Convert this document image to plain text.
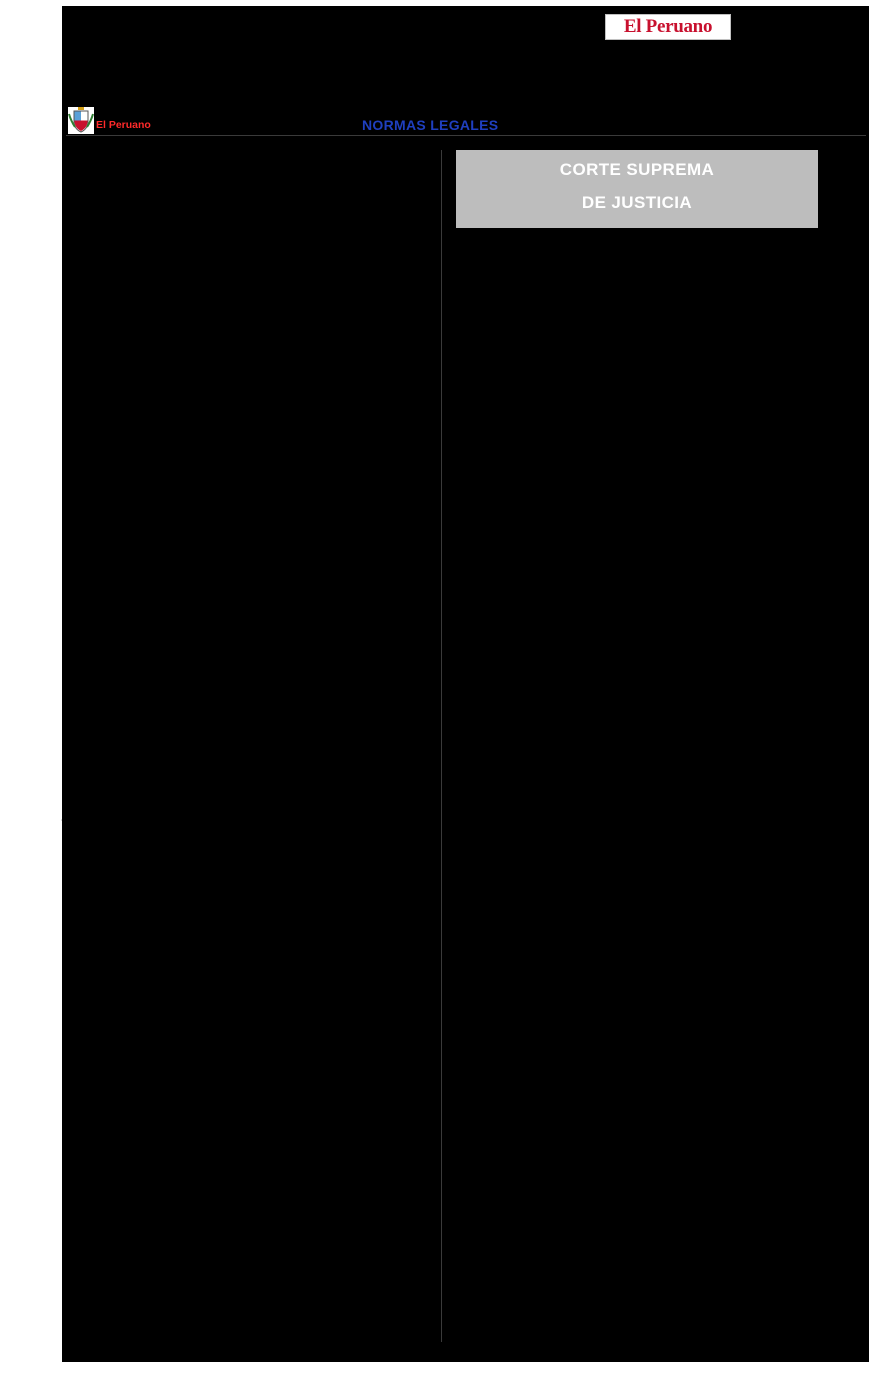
El Peruano
El Peruano / Jueves 7 de octubre de 2021	NORMAS LEGALES	45

hasta el último día hábil de la primera semana de cada mes, le informen documentadamente la resolución de vista que declara nula la resolución apelada, dicha resolución apelada y los escritos de apelación de la resolución impugnada.

d) En atención a lo dispuesto mediante la resolución de fecha 8 de febrero de 2019, indicada en el segundo considerando de la presente resolución, solo siete de las treinta y cuatro Oficinas Desconcentradas de Control de la Magistratura de las Cortes Superiores de Justicia del país, cumplieron con remitir el informe correspondiente al mes de julio de 2021, de acuerdo a lo dispuesto.

e) De los siete informes recibidos, se han reportado ciento cincuenta y uno expedientes evaluados por haber sido resueltos mediante anulación de la resolución impugnada, y según detalle que consta en el Anexo 1 del referido informe.

f) De los setenta y cinco expedientes reportados por la Corte Superior de Justicia de Lambayeque, veintiocho de ellos han sido calificados como no justificados; de los cuales, por instancia corresponden quince a procesos resueltos en salas superiores y trece a resueltos en juzgados; y por especialidad corresponden trece a procesos de la especialidad laboral, que representan el 46% de los veintiocho expedientes observados, según detalle que consta en el Anexo 2 del referido informe.

Quinto. Que, el artículo 82°, inciso 26), del Texto Único Ordenado de la Ley Orgánica del Poder Judicial determina como función y atribución del Consejo Ejecutivo del Poder Judicial, la adopción de acuerdos y demás medidas necesarias para que las dependencias de este Poder del Estado funcionen con celeridad y eficiencia.

Por estos fundamentos; en mérito al Acuerdo N° 1234-2021 de la quincuagésima sexta sesión del Consejo Ejecutivo del Poder Judicial, de fecha 22 de setiembre de 2021, realizada en forma virtual con la participación de los señores y señoras Barrios Alvarado, Lama More, Arias Lazarte, Álvarez Trujillo, Medina Jiménez y Espinoza Santillán; en uso de las atribuciones conferidas por el artículo 82° del Texto Único Ordenado de la Ley Orgánica del Poder Judicial. Por unanimidad,

SE RESUELVE:

Artículo Primero.- Disponer que la Oficina Desconcentrada de Control de la Magistratura de la Corte Superior de Justicia de Lambayeque, programe una acción de control en los órganos jurisdiccionales listados en el Anexo 2, que forma parte de la presente resolución; debiendo informar al Consejo Ejecutivo del Poder Judicial sobre el resultado de dichas acciones de control.

Artículo Segundo.- Disponer que las veintisiete Oficinas Desconcentradas de Control de la Magistratura de las Cortes Superiores de Justicia, que no han remitido la información requerida, deben cumplir con la remisión mensual de los recursos de apelación que han sido resueltos mediante anulación y el reenvío del expediente, de acuerdo a lo establecido mediante la resolución de fecha 8 de febrero de 2019; debiendo de informar obligatoriamente y de manera mensual al Presidente de la Comisión Nacional de Productividad Judicial, con copia a la Oficina de Productividad Judicial, de acuerdo al formato establecido.

Artículo Tercero.- Transcribir la presente resolución a la Presidencia del Poder Judicial, Oficina de Control de la Magistratura del Poder Judicial, Presidente de la Comisión Nacional de Productividad, Oficina de Productividad Judicial, Cortes Superiores de Justicia del país, Oficinas Desconcentradas de Control de la Magistratura de las Cortes Superiores de Justicia del país; y a la Gerencia General del Poder Judicial, para su conocimiento y fines pertinentes.

Regístrese, publíquese, comuníquese y cúmplase.

ELVIA BARRIOS ALVARADO

Presidenta

1999067-5

CORTE SUPREMA
DE JUSTICIA

Conforman la Quinta Sala de Derecho Constitucional y Social Transitoria de la Corte Suprema de Justicia de la República

PRESIDENCIA DEL PODER JUDICIAL

RESOLUCIÓN ADMINISTRATIVA

N° 000454-2021-P-PJ

Lima, 6 de octubre de 2021

VISTA y CONSIDERANDO:

Primero: Que, el Consejo Ejecutivo del Poder Judicial, mediante la Resolución Administrativa N.° 000220-2021-CE-PJ, modificada por la Resolución Administrativa N.° 000232-2021-CE-PJ, dispuso crear la Quinta Sala de Derecho Constitucional y Social Transitoria de la Corte Suprema de Justicia de la República, la cual tendrá competencia en procesos contenciosos administrativos referidos a materias tributarias y aduaneras.

Segundo : Que, es atribución de la Presidencia del Poder Judicial designar a los señores jueces supremos que integrarán las Salas Especializadas de la Corte Suprema de Justicia de la República, de conformidad con lo señalado en el numeral 5 del artículo 76° del Texto Único Ordenado de la Ley Orgánica del Poder Judicial.

Tercero: Que, en atención a la disposición emitida por el órgano de gobierno de este Poder del Estado, corresponde a esta Presidencia designar a los magistrados que integrarán la Quinta Sala de Derecho Constitucional y Social Transitoria de la Corte Suprema de Justicia de la República.

En consecuencia, estando a lo expuesto precedentemente y en uso de las funciones y atribuciones conferidas por el artículo 76° del Texto Único Ordenado de la Ley Orgánica del Poder Judicial.

SE RESUELVE

Artículo Primero: Disponer que, a partir del 7 de octubre de 2021, la Quinta Sala de Derecho Constitucional y Social Transitoria de la Corte Suprema de Justicia de la República, estará conformada de la siguiente manera:

QUINTA SALA DE DERECHO CONSTITUCIONAL Y SOCIAL TRANSITORIA

1. Sra. María del Carmen Paloma Altabás Kajatt (Presidenta)

2. Sr. Wilbert González Aguilar
3. Sr. Wilber Bustamante del Castillo
4. Sra. Dafne Dana Barra Pineda
5. Sra. Rosa Liliana Dávila Broncano

Artículo Segundo: Notificar la presente resolución al Consejo Ejecutivo del Poder Judicial; a la Oficina de Control de la Magistratura del Poder Judicial; a los Presidentes de las Cortes Superiores de Justicia de Lima Este, Cusco y Moquegua; a la Gerencia General del Poder Judicial; a la Oficina de Administración de la Corte Suprema de Justicia; e interesados.

Regístrese, comuníquese, cúmplase y publíquese.

ELVIA BARRIOS ALVARADO

Presidenta

1999068-1
